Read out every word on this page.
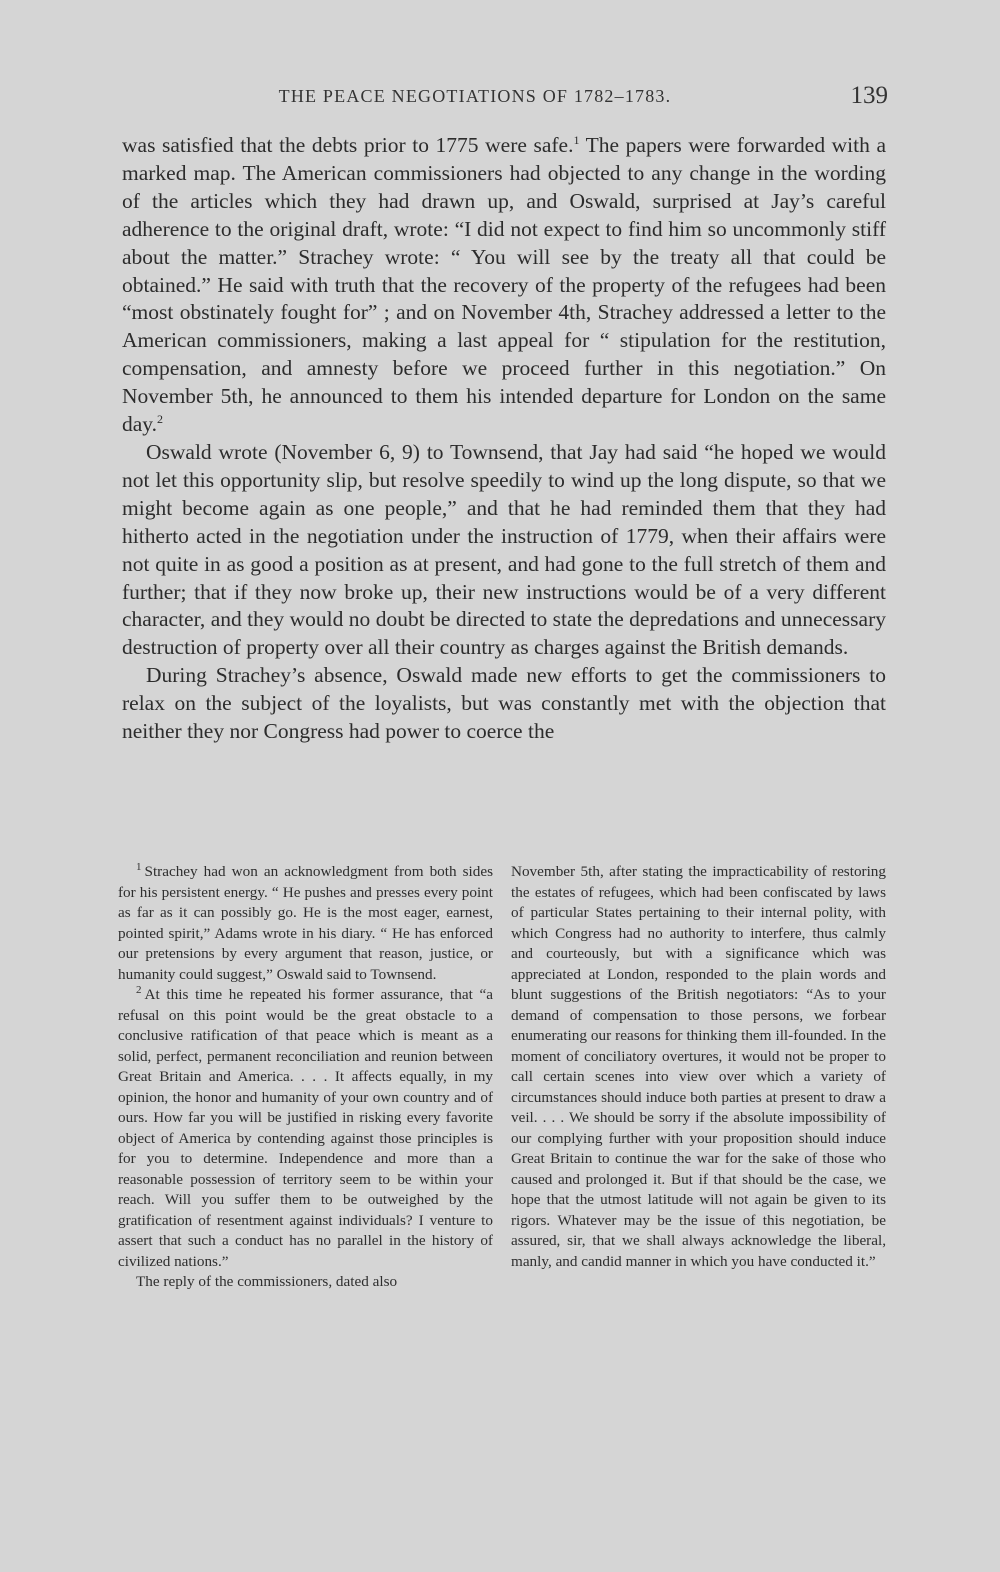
THE PEACE NEGOTIATIONS OF 1782–1783.	139

was satisfied that the debts prior to 1775 were safe.$^1$ The papers were forwarded with a marked map. The American commissioners had objected to any change in the wording of the articles which they had drawn up, and Oswald, surprised at Jay’s careful adherence to the original draft, wrote: “I did not expect to find him so uncommonly stiff about the matter.” Strachey wrote: “ You will see by the treaty all that could be obtained.” He said with truth that the recovery of the property of the refugees had been “most obstinately fought for” ; and on November 4th, Strachey addressed a letter to the American commissioners, making a last appeal for “ stipulation for the restitution, compensation, and amnesty before we proceed further in this negotiation.” On November 5th, he announced to them his intended departure for London on the same day.$^2$

Oswald wrote (November 6, 9) to Townsend, that Jay had said “he hoped we would not let this opportunity slip, but resolve speedily to wind up the long dispute, so that we might become again as one people,” and that he had reminded them that they had hitherto acted in the negotiation under the instruction of 1779, when their affairs were not quite in as good a position as at present, and had gone to the full stretch of them and further; that if they now broke up, their new instructions would be of a very different character, and they would no doubt be directed to state the depredations and unnecessary destruction of property over all their country as charges against the British demands.

During Strachey’s absence, Oswald made new efforts to get the commissioners to relax on the subject of the loyalists, but was constantly met with the objection that neither they nor Congress had power to coerce the

$^1$ Strachey had won an acknowledgment from both sides for his persistent energy. “ He pushes and presses every point as far as it can possibly go. He is the most eager, earnest, pointed spirit,” Adams wrote in his diary. “ He has enforced our pretensions by every argument that reason, justice, or humanity could suggest,” Oswald said to Townsend.

$^2$ At this time he repeated his former assurance, that “a refusal on this point would be the great obstacle to a conclusive ratification of that peace which is meant as a solid, perfect, permanent reconciliation and reunion between Great Britain and America. . . . It affects equally, in my opinion, the honor and humanity of your own country and of ours. How far you will be justified in risking every favorite object of America by contending against those principles is for you to determine. Independence and more than a reasonable possession of territory seem to be within your reach. Will you suffer them to be outweighed by the gratification of resentment against individuals? I venture to assert that such a conduct has no parallel in the history of civilized nations.”

The reply of the commissioners, dated also

November 5th, after stating the impracticability of restoring the estates of refugees, which had been confiscated by laws of particular States pertaining to their internal polity, with which Congress had no authority to interfere, thus calmly and courteously, but with a significance which was appreciated at London, responded to the plain words and blunt suggestions of the British negotiators: “As to your demand of compensation to those persons, we forbear enumerating our reasons for thinking them ill-founded. In the moment of conciliatory overtures, it would not be proper to call certain scenes into view over which a variety of circumstances should induce both parties at present to draw a veil. . . . We should be sorry if the absolute impossibility of our complying further with your proposition should induce Great Britain to continue the war for the sake of those who caused and prolonged it. But if that should be the case, we hope that the utmost latitude will not again be given to its rigors. Whatever may be the issue of this negotiation, be assured, sir, that we shall always acknowledge the liberal, manly, and candid manner in which you have conducted it.”
